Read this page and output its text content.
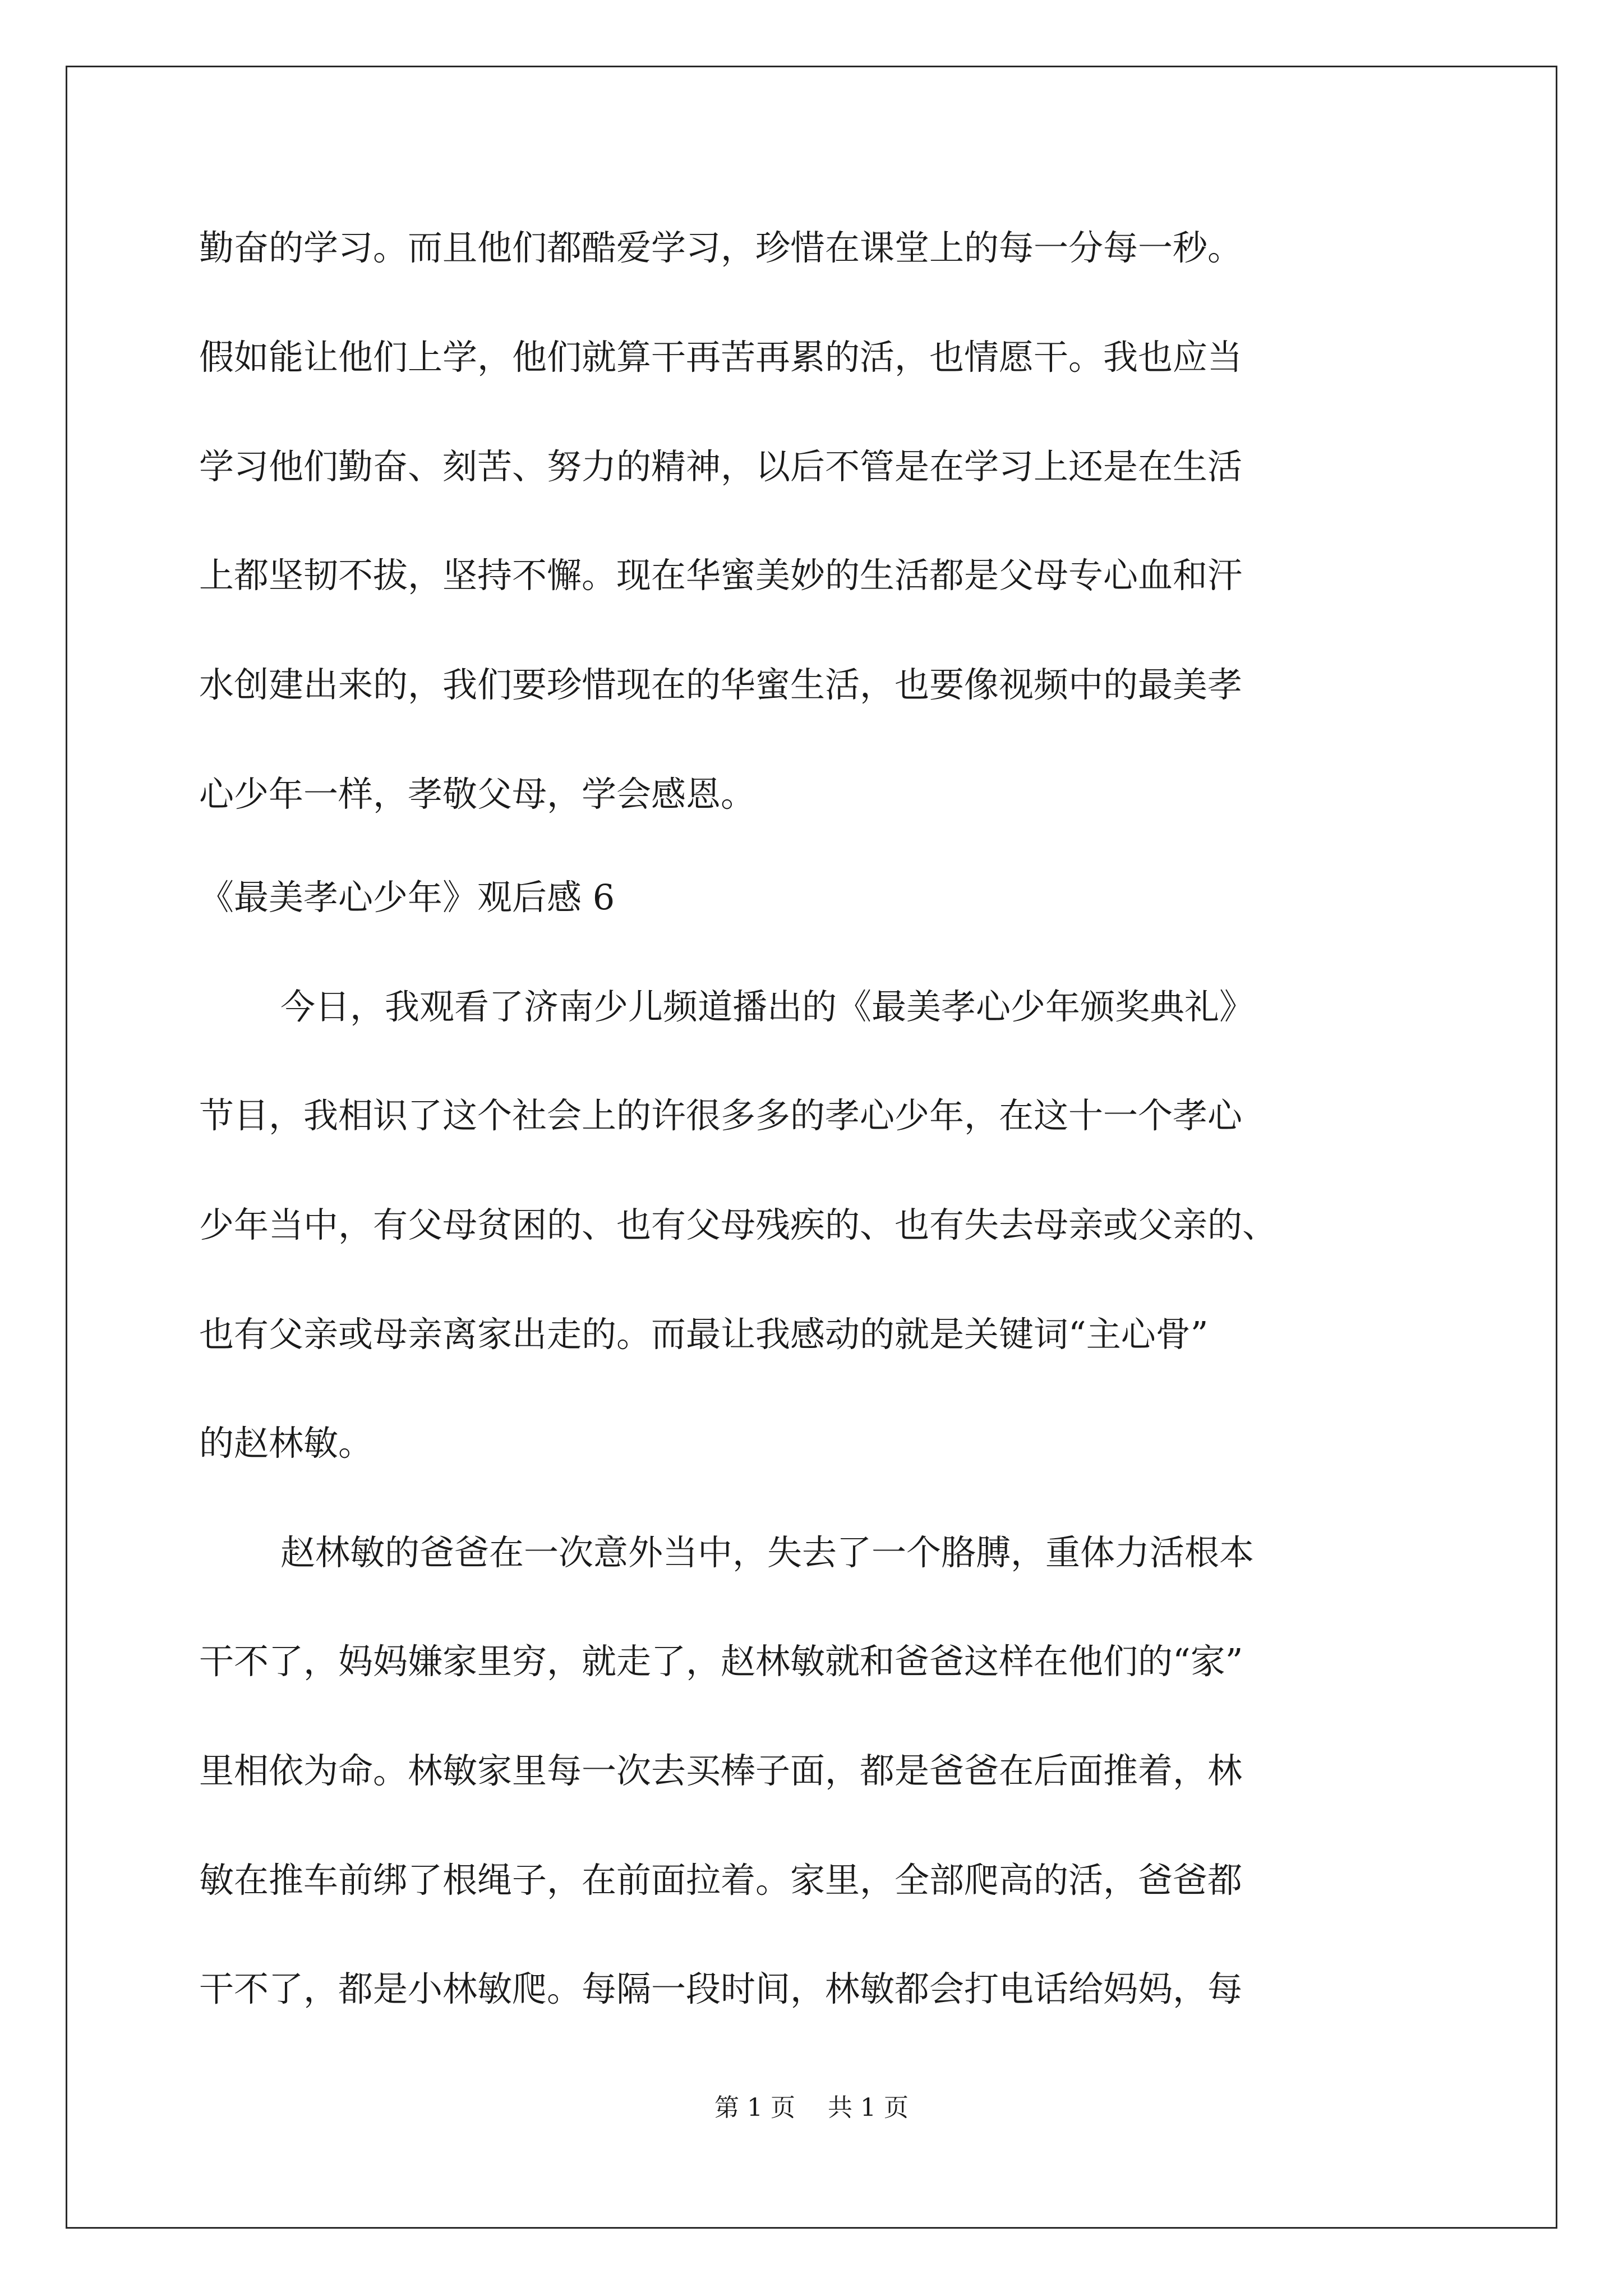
勤奋的学习。而且他们都酷爱学习，珍惜在课堂上的每一分每一秒。
假如能让他们上学，他们就算干再苦再累的活，也情愿干。我也应当
学习他们勤奋、刻苦、努力的精神，以后不管是在学习上还是在生活
上都坚韧不拔，坚持不懈。现在华蜜美妙的生活都是父母专心血和汗
水创建出来的，我们要珍惜现在的华蜜生活，也要像视频中的最美孝
心少年一样，孝敬父母，学会感恩。
《最美孝心少年》观后感 6
今日，我观看了济南少儿频道播出的《最美孝心少年颁奖典礼》
节目，我相识了这个社会上的许很多多的孝心少年，在这十一个孝心
少年当中，有父母贫困的、也有父母残疾的、也有失去母亲或父亲的、
也有父亲或母亲离家出走的。而最让我感动的就是关键词“主心骨”
的赵林敏。
赵林敏的爸爸在一次意外当中，失去了一个胳膊，重体力活根本
干不了，妈妈嫌家里穷，就走了，赵林敏就和爸爸这样在他们的“家”
里相依为命。林敏家里每一次去买棒子面，都是爸爸在后面推着，林
敏在推车前绑了根绳子，在前面拉着。家里，全部爬高的活，爸爸都
干不了，都是小林敏爬。每隔一段时间，林敏都会打电话给妈妈，每
第 1 页 共 1 页
